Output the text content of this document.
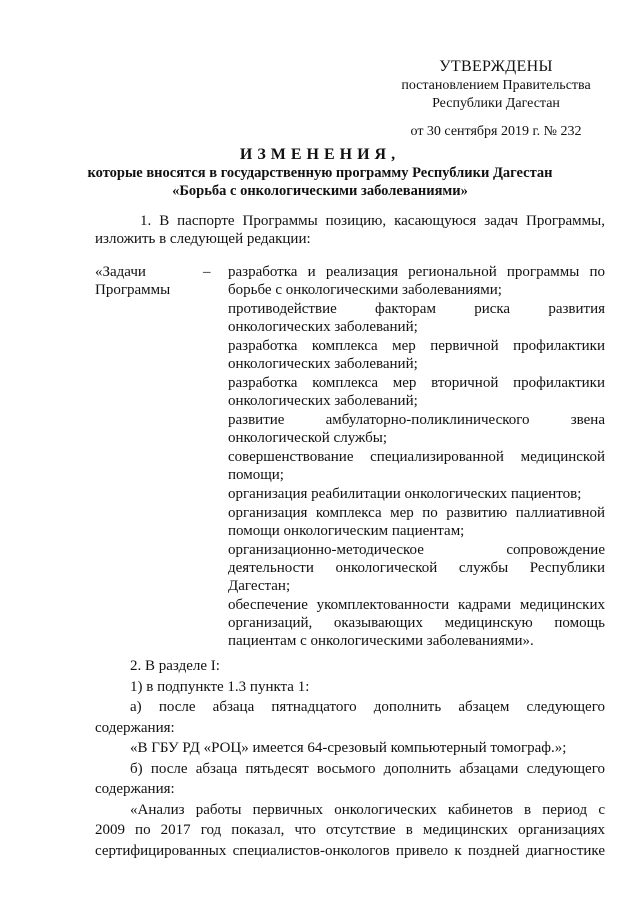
УТВЕРЖДЕНЫ
постановлением Правительства
Республики Дагестан
от 30 сентября 2019 г. № 232
ИЗМЕНЕНИЯ,
которые вносятся в государственную программу Республики Дагестан
«Борьба с онкологическими заболеваниями»
1. В паспорте Программы позицию, касающуюся задач Программы,
изложить в следующей редакции:
«Задачи
Программы
– разработка и реализация региональной программы по
борьбе с онкологическими заболеваниями;
противодействие факторам риска развития
онкологических заболеваний;
разработка комплекса мер первичной профилактики
онкологических заболеваний;
разработка комплекса мер вторичной профилактики
онкологических заболеваний;
развитие амбулаторно-поликлинического звена
онкологической службы;
совершенствование специализированной медицинской
помощи;
организация реабилитации онкологических пациентов;
организация комплекса мер по развитию паллиативной
помощи онкологическим пациентам;
организационно-методическое сопровождение
деятельности онкологической службы Республики
Дагестан;
обеспечение укомплектованности кадрами медицинских
организаций, оказывающих медицинскую помощь
пациентам с онкологическими заболеваниями».
2. В разделе I:
1) в подпункте 1.3 пункта 1:
а) после абзаца пятнадцатого дополнить абзацем следующего
содержания:
«В ГБУ РД «РОЦ» имеется 64-срезовый компьютерный томограф.»;
б) после абзаца пятьдесят восьмого дополнить абзацами следующего
содержания:
«Анализ работы первичных онкологических кабинетов в период с
2009 по 2017 год показал, что отсутствие в медицинских организациях
сертифицированных специалистов-онкологов привело к поздней диагностике
